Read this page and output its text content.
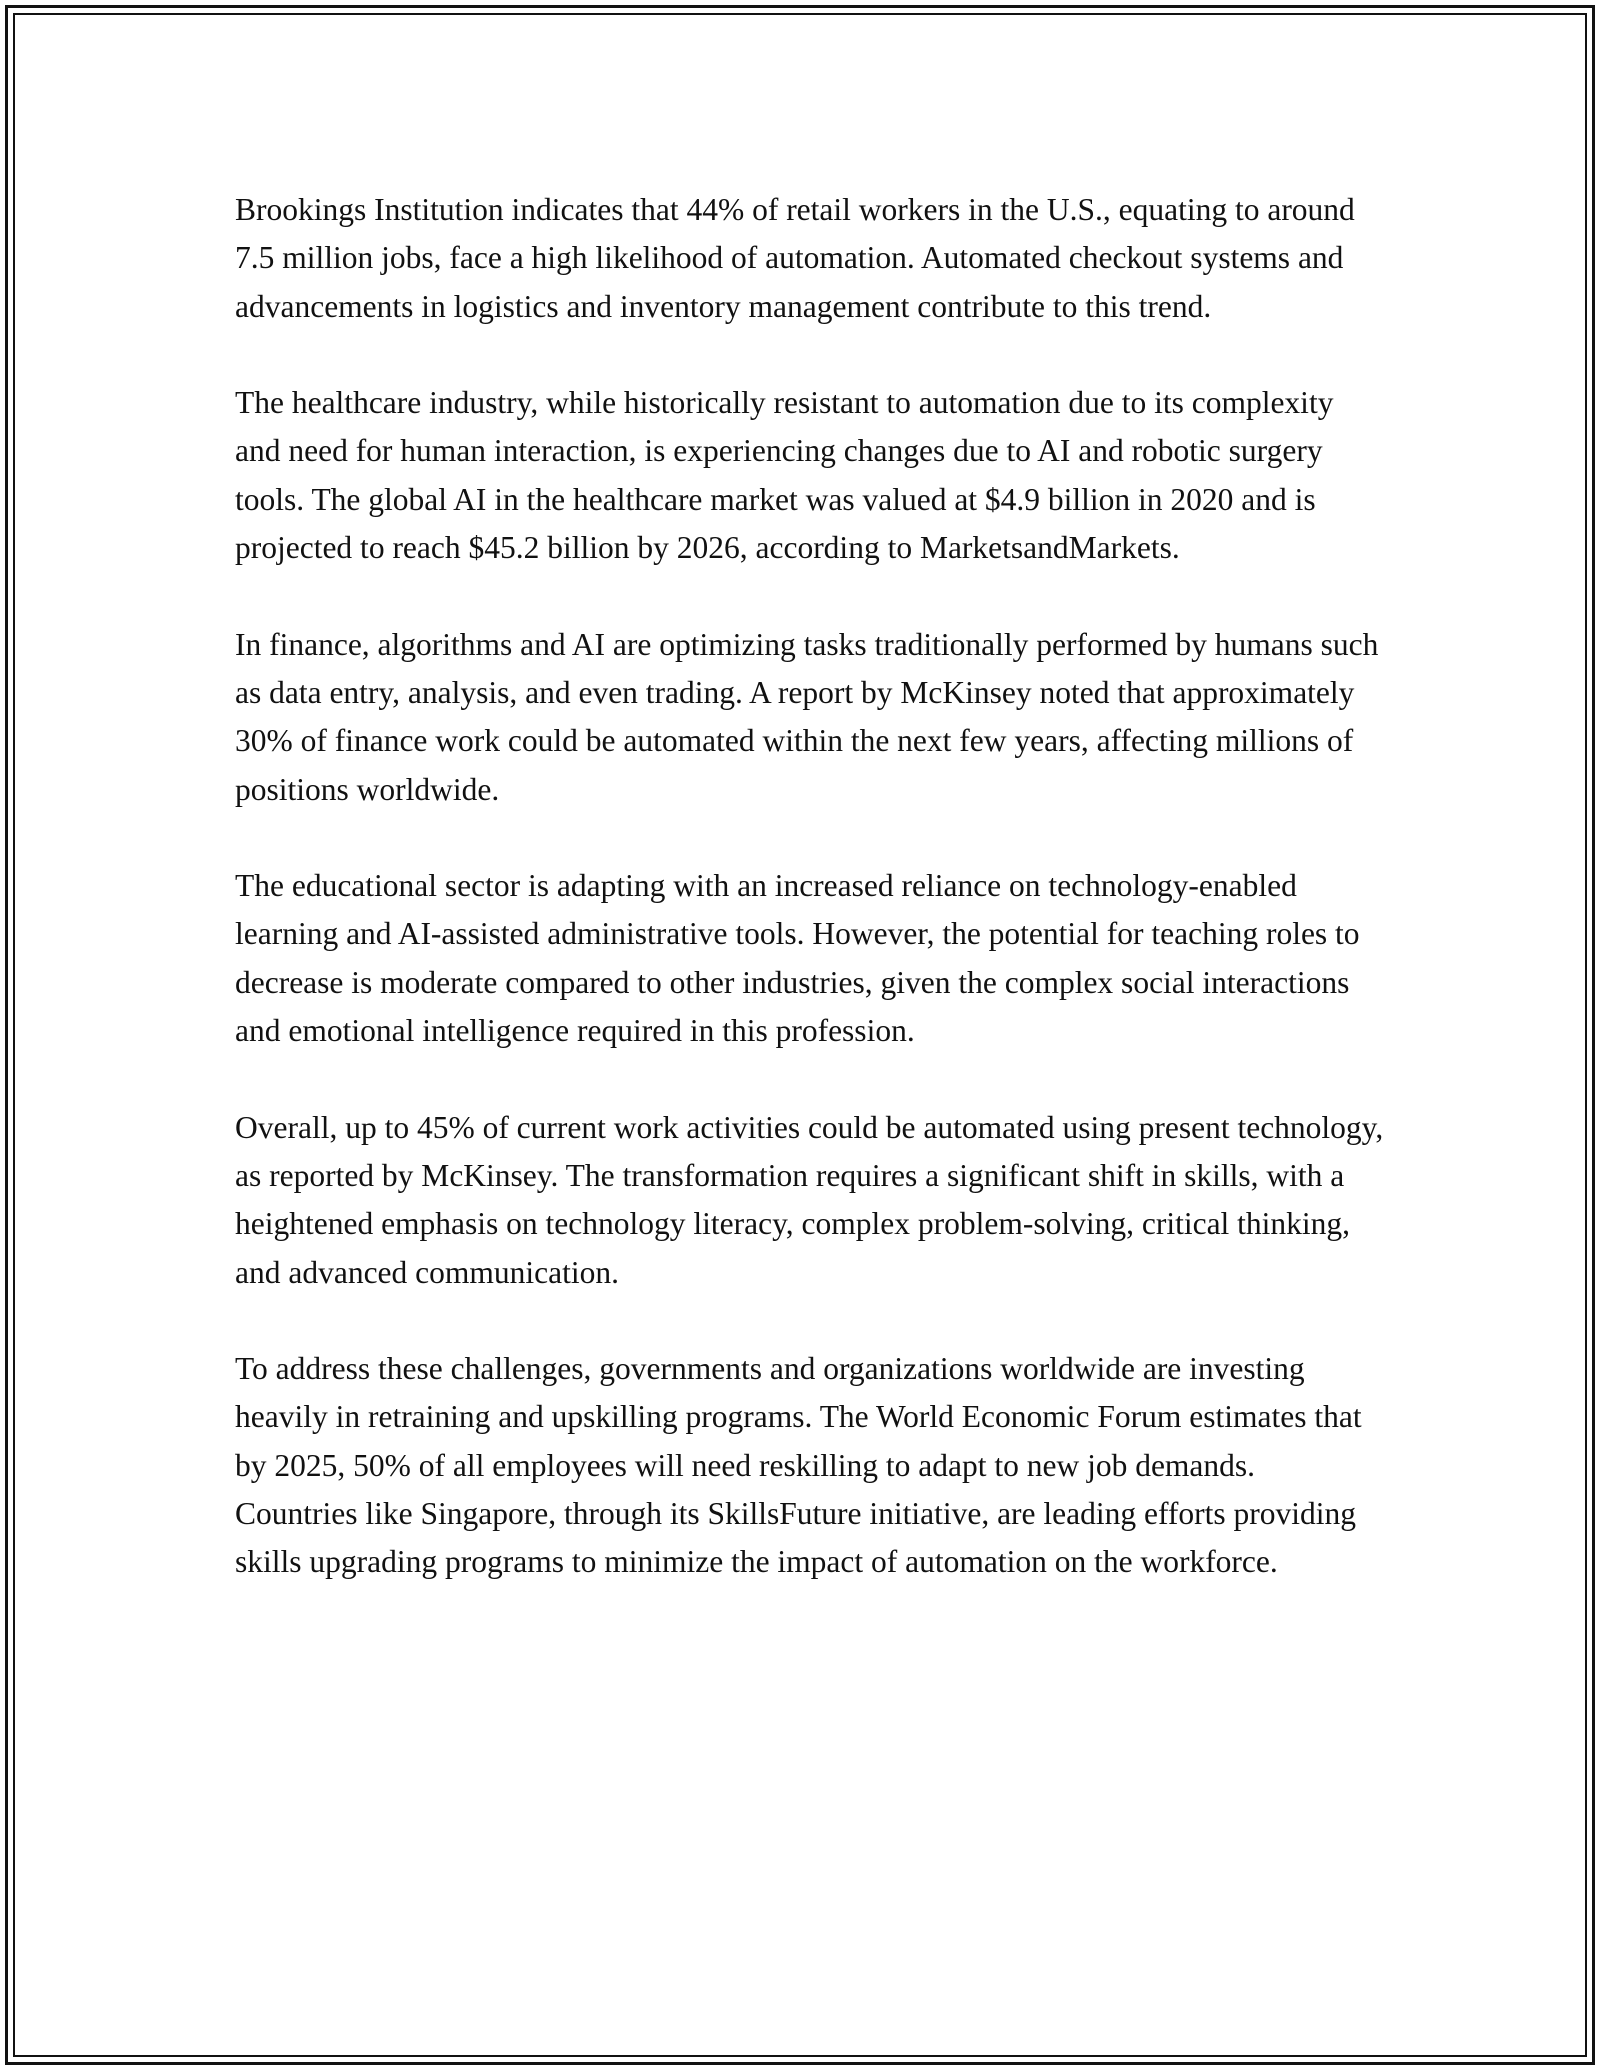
Brookings Institution indicates that 44% of retail workers in the U.S., equating to around 7.5 million jobs, face a high likelihood of automation. Automated checkout systems and advancements in logistics and inventory management contribute to this trend.

The healthcare industry, while historically resistant to automation due to its complexity and need for human interaction, is experiencing changes due to AI and robotic surgery tools. The global AI in the healthcare market was valued at $4.9 billion in 2020 and is projected to reach $45.2 billion by 2026, according to MarketsandMarkets.

In finance, algorithms and AI are optimizing tasks traditionally performed by humans such as data entry, analysis, and even trading. A report by McKinsey noted that approximately 30% of finance work could be automated within the next few years, affecting millions of positions worldwide.

The educational sector is adapting with an increased reliance on technology-enabled learning and AI-assisted administrative tools. However, the potential for teaching roles to decrease is moderate compared to other industries, given the complex social interactions and emotional intelligence required in this profession.

Overall, up to 45% of current work activities could be automated using present technology, as reported by McKinsey. The transformation requires a significant shift in skills, with a heightened emphasis on technology literacy, complex problem-solving, critical thinking, and advanced communication.

To address these challenges, governments and organizations worldwide are investing heavily in retraining and upskilling programs. The World Economic Forum estimates that by 2025, 50% of all employees will need reskilling to adapt to new job demands. Countries like Singapore, through its SkillsFuture initiative, are leading efforts providing skills upgrading programs to minimize the impact of automation on the workforce.
